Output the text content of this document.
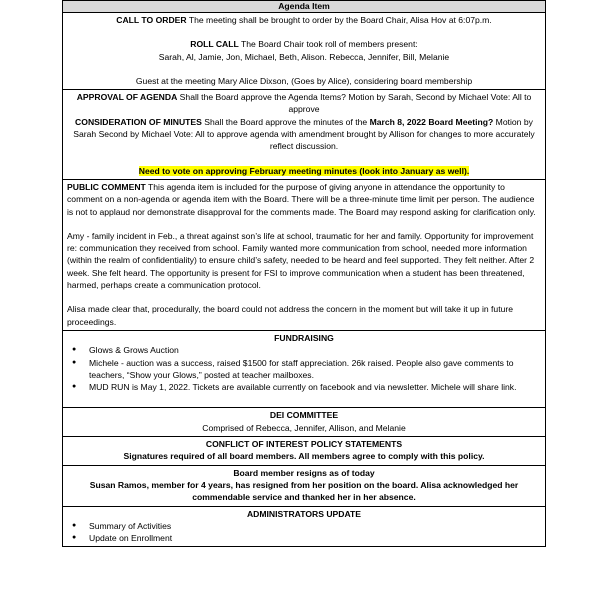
Agenda Item

CALL TO ORDER The meeting shall be brought to order by the Board Chair, Alisa Hov at 6:07p.m.

ROLL CALL The Board Chair took roll of members present:

Sarah, Al, Jamie, Jon, Michael, Beth, Alison. Rebecca, Jennifer, Bill, Melanie

Guest at the meeting Mary Alice Dixson, (Goes by Alice), considering board membership

APPROVAL OF AGENDA Shall the Board approve the Agenda Items? Motion by Sarah, Second by Michael Vote: All to approve

CONSIDERATION OF MINUTES Shall the Board approve the minutes of the March 8, 2022 Board Meeting? Motion by Sarah Second by Michael Vote: All to approve agenda with amendment brought by Allison for changes to more accurately reflect discussion.

Need to vote on approving February meeting minutes (look into January as well).

PUBLIC COMMENT This agenda item is included for the purpose of giving anyone in attendance the opportunity to comment on a non-agenda or agenda item with the Board. There will be a three-minute time limit per person. The audience is not to applaud nor demonstrate disapproval for the comments made. The Board may respond asking for clarification only.

Amy - family incident in Feb., a threat against son’s life at school, traumatic for her and family. Opportunity for improvement re: communication they received from school. Family wanted more communication from school, needed more information (within the realm of confidentiality) to ensure child’s safety, needed to be heard and feel supported. They felt neither. After 2 week. She felt heard. The opportunity is present for FSI to improve communication when a student has been threatened, harmed, perhaps create a communication protocol.

Alisa made clear that, procedurally, the board could not address the concern in the moment but will take it up in future proceedings.

FUNDRAISING

● Glows & Grows Auction
● Michele - auction was a success, raised $1500 for staff appreciation. 26k raised. People also gave comments to teachers, “Show your Glows,” posted at teacher mailboxes.
● MUD RUN is May 1, 2022. Tickets are available currently on facebook and via newsletter. Michele will share link.

DEI COMMITTEE

Comprised of Rebecca, Jennifer, Allison, and Melanie

CONFLICT OF INTEREST POLICY STATEMENTS

Signatures required of all board members. All members agree to comply with this policy.

Board member resigns as of today

Susan Ramos, member for 4 years, has resigned from her position on the board. Alisa acknowledged her commendable service and thanked her in her absence.

ADMINISTRATORS UPDATE

● Summary of Activities
● Update on Enrollment
